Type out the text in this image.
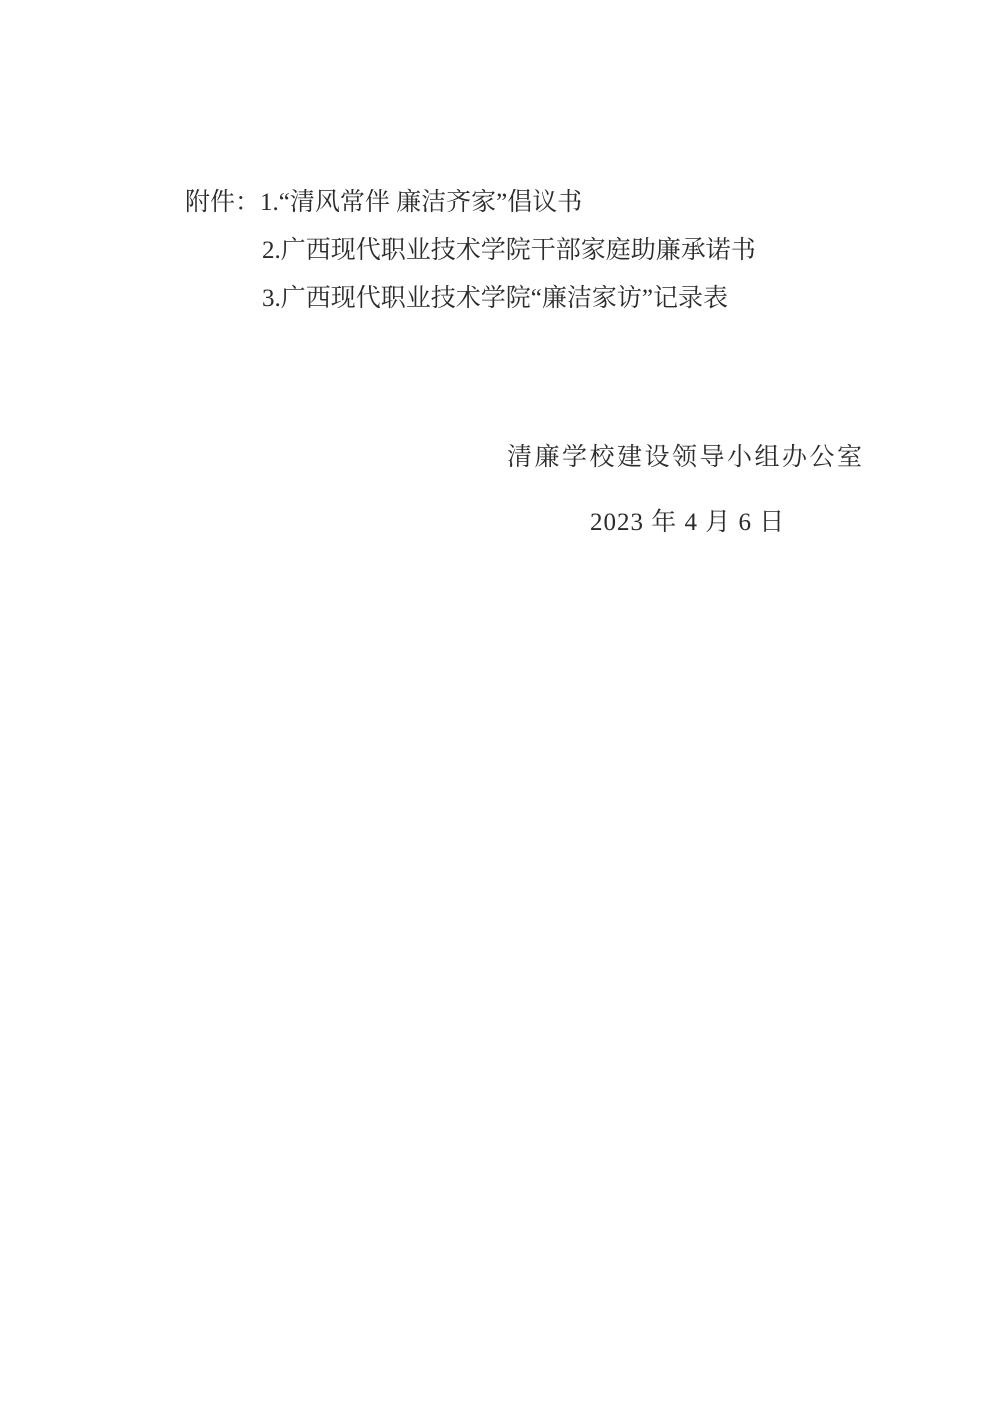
附件：1.“清风常伴 廉洁齐家”倡议书
2.广西现代职业技术学院干部家庭助廉承诺书
3.广西现代职业技术学院“廉洁家访”记录表
清廉学校建设领导小组办公室
2023 年 4 月 6 日
